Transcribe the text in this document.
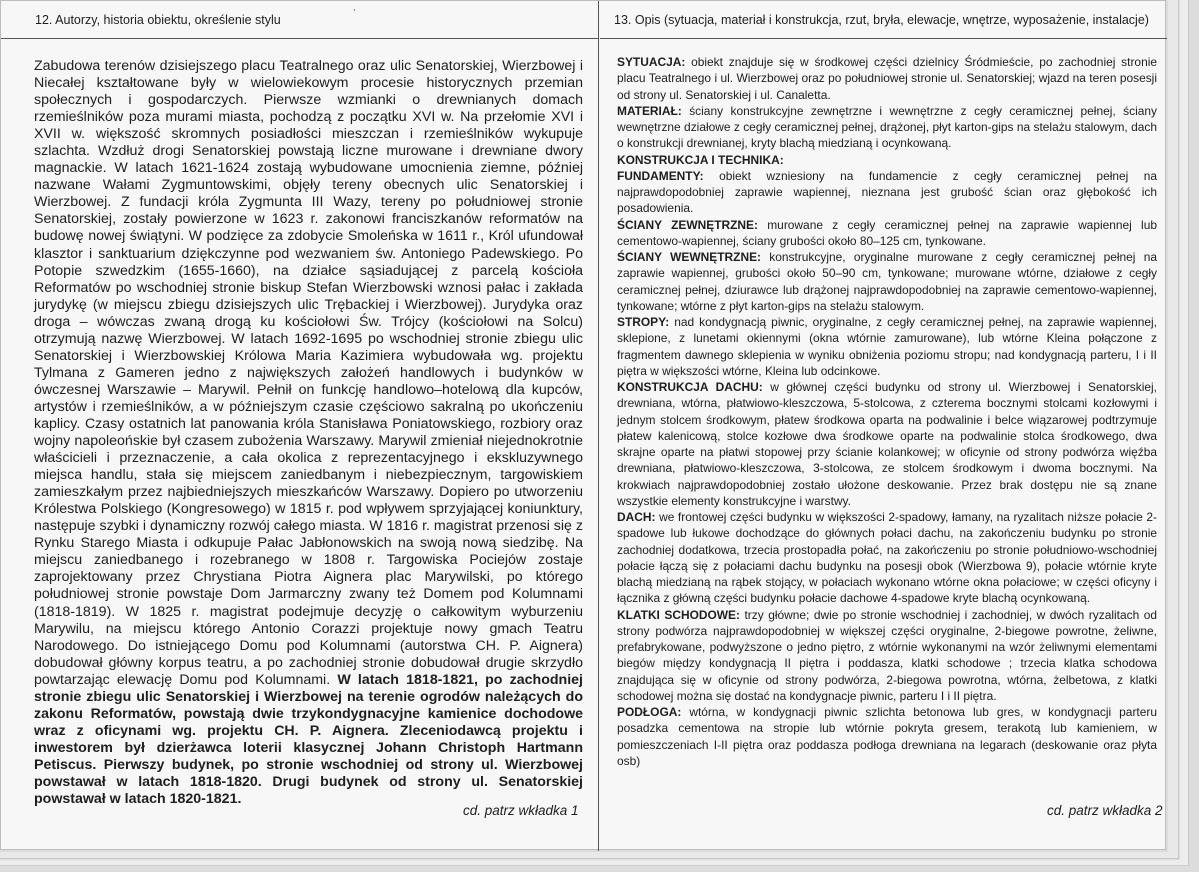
12. Autorzy, historia obiektu, określenie stylu	˙

Zabudowa terenów dzisiejszego placu Teatralnego oraz ulic Senatorskiej, Wierzbowej i Niecałej kształtowane były w wielowiekowym procesie historycznych przemian społecznych i gospodarczych. Pierwsze wzmianki o drewnianych domach rzemieślników poza murami miasta, pochodzą z początku XVI w. Na przełomie XVI i XVII w. większość skromnych posiadłości mieszczan i rzemieślników wykupuje szlachta. Wzdłuż drogi Senatorskiej powstają liczne murowane i drewniane dwory magnackie. W latach 1621-1624 zostają wybudowane umocnienia ziemne, później nazwane Wałami Zygmuntowskimi, objęły tereny obecnych ulic Senatorskiej i Wierzbowej. Z fundacji króla Zygmunta III Wazy, tereny po południowej stronie Senatorskiej, zostały powierzone w 1623 r. zakonowi franciszkanów reformatów na budowę nowej świątyni. W podzięce za zdobycie Smoleńska w 1611 r., Król ufundował klasztor i sanktuarium dziękczynne pod wezwaniem św. Antoniego Padewskiego. Po Potopie szwedzkim (1655-1660), na działce sąsiadującej z parcelą kościoła Reformatów po wschodniej stronie biskup Stefan Wierzbowski wznosi pałac i zakłada jurydykę (w miejscu zbiegu dzisiejszych ulic Trębackiej i Wierzbowej). Jurydyka oraz droga – wówczas zwaną drogą ku kościołowi Św. Trójcy (kościołowi na Solcu) otrzymują nazwę Wierzbowej. W latach 1692-1695 po wschodniej stronie zbiegu ulic Senatorskiej i Wierzbowskiej Królowa Maria Kazimiera wybudowała wg. projektu Tylmana z Gameren jedno z największych założeń handlowych i budynków w ówczesnej Warszawie – Marywil. Pełnił on funkcję handlowo–hotelową dla kupców, artystów i rzemieślników, a w późniejszym czasie częściowo sakralną po ukończeniu kaplicy. Czasy ostatnich lat panowania króla Stanisława Poniatowskiego, rozbiory oraz wojny napoleońskie był czasem zubożenia Warszawy. Marywil zmieniał niejednokrotnie właścicieli i przeznaczenie, a cała okolica z reprezentacyjnego i ekskluzywnego miejsca handlu, stała się miejscem zaniedbanym i niebezpiecznym, targowiskiem zamieszkałym przez najbiedniejszych mieszkańców Warszawy. Dopiero po utworzeniu Królestwa Polskiego (Kongresowego) w 1815 r. pod wpływem sprzyjającej koniunktury, następuje szybki i dynamiczny rozwój całego miasta. W 1816 r. magistrat przenosi się z Rynku Starego Miasta i odkupuje Pałac Jabłonowskich na swoją nową siedzibę. Na miejscu zaniedbanego i rozebranego w 1808 r. Targowiska Pociejów zostaje zaprojektowany przez Chrystiana Piotra Aignera plac Marywilski, po którego południowej stronie powstaje Dom Jarmarczny zwany też Domem pod Kolumnami (1818-1819). W 1825 r. magistrat podejmuje decyzję o całkowitym wyburzeniu Marywilu, na miejscu którego Antonio Corazzi projektuje nowy gmach Teatru Narodowego. Do istniejącego Domu pod Kolumnami (autorstwa CH. P. Aignera) dobudował główny korpus teatru, a po zachodniej stronie dobudował drugie skrzydło powtarzając elewację Domu pod Kolumnami. W latach 1818-1821, po zachodniej stronie zbiegu ulic Senatorskiej i Wierzbowej na terenie ogrodów należących do zakonu Reformatów, powstają dwie trzykondygnacyjne kamienice dochodowe wraz z oficynami wg. projektu CH. P. Aignera. Zleceniodawcą projektu i inwestorem był dzierżawca loterii klasycznej Johann Christoph Hartmann Petiscus. Pierwszy budynek, po stronie wschodniej od strony ul. Wierzbowej powstawał w latach 1818-1820. Drugi budynek od strony ul. Senatorskiej powstawał w latach 1820-1821.

cd. patrz wkładka 1
13. Opis (sytuacja, materiał i konstrukcja, rzut, bryła, elewacje, wnętrze, wyposażenie, instalacje)

SYTUACJA: obiekt znajduje się w środkowej części dzielnicy Śródmieście, po zachodniej stronie placu Teatralnego i ul. Wierzbowej oraz po południowej stronie ul. Senatorskiej; wjazd na teren posesji od strony ul. Senatorskiej i ul. Canaletta.

MATERIAŁ: ściany konstrukcyjne zewnętrzne i wewnętrzne z cegły ceramicznej pełnej, ściany wewnętrzne działowe z cegły ceramicznej pełnej, drążonej, płyt karton-gips na stelażu stalowym, dach o konstrukcji drewnianej, kryty blachą miedzianą i ocynkowaną.

KONSTRUKCJA I TECHNIKA:

FUNDAMENTY: obiekt wzniesiony na fundamencie z cegły ceramicznej pełnej na najprawdopodobniej zaprawie wapiennej, nieznana jest grubość ścian oraz głębokość ich posadowienia.

ŚCIANY ZEWNĘTRZNE: murowane z cegły ceramicznej pełnej na zaprawie wapiennej lub cementowo-wapiennej, ściany grubości około 80–125 cm, tynkowane.

ŚCIANY WEWNĘTRZNE: konstrukcyjne, oryginalne murowane z cegły ceramicznej pełnej na zaprawie wapiennej, grubości około 50–90 cm, tynkowane; murowane wtórne, działowe z cegły ceramicznej pełnej, dziurawce lub drążonej najprawdopodobniej na zaprawie cementowo-wapiennej, tynkowane; wtórne z płyt karton-gips na stelażu stalowym.

STROPY: nad kondygnacją piwnic, oryginalne, z cegły ceramicznej pełnej, na zaprawie wapiennej, sklepione, z lunetami okiennymi (okna wtórnie zamurowane), lub wtórne Kleina połączone z fragmentem dawnego sklepienia w wyniku obniżenia poziomu stropu; nad kondygnacją parteru, I i II piętra w większości wtórne, Kleina lub odcinkowe.

KONSTRUKCJA DACHU: w głównej części budynku od strony ul. Wierzbowej i Senatorskiej, drewniana, wtórna, płatwiowo-kleszczowa, 5-stolcowa, z czterema bocznymi stolcami kozłowymi i jednym stolcem środkowym, płatew środkowa oparta na podwalinie i belce wiązarowej podtrzymuje płatew kalenicową, stolce kozłowe dwa środkowe oparte na podwalinie stolca środkowego, dwa skrajne oparte na płatwi stopowej przy ścianie kolankowej; w oficynie od strony podwórza więźba drewniana, płatwiowo-kleszczowa, 3-stolcowa, ze stolcem środkowym i dwoma bocznymi. Na krokwiach najprawdopodobniej zostało ułożone deskowanie. Przez brak dostępu nie są znane wszystkie elementy konstrukcyjne i warstwy.

DACH: we frontowej części budynku w większości 2-spadowy, łamany, na ryzalitach niższe połacie 2-spadowe lub łukowe dochodzące do głównych połaci dachu, na zakończeniu budynku po stronie zachodniej dodatkowa, trzecia prostopadła połać, na zakończeniu po stronie południowo-wschodniej połacie łączą się z połaciami dachu budynku na posesji obok (Wierzbowa 9), połacie wtórnie kryte blachą miedzianą na rąbek stojący, w połaciach wykonano wtórne okna połaciowe; w części oficyny i łącznika z główną części budynku połacie dachowe 4-spadowe kryte blachą ocynkowaną.

KLATKI SCHODOWE: trzy główne; dwie po stronie wschodniej i zachodniej, w dwóch ryzalitach od strony podwórza najprawdopodobniej w większej części oryginalne, 2-biegowe powrotne, żeliwne, prefabrykowane, podwyższone o jedno piętro, z wtórnie wykonanymi na wzór żeliwnymi elementami biegów między kondygnacją II piętra i poddasza, klatki schodowe ; trzecia klatka schodowa znajdująca się w oficynie od strony podwórza, 2-biegowa powrotna, wtórna, żelbetowa, z klatki schodowej można się dostać na kondygnacje piwnic, parteru I i II piętra.

PODŁOGA: wtórna, w kondygnacji piwnic szlichta betonowa lub gres, w kondygnacji parteru posadzka cementowa na stropie lub wtórnie pokryta gresem, terakotą lub kamieniem, w pomieszczeniach I-II piętra oraz poddasza podłoga drewniana na legarach (deskowanie oraz płyta osb)

cd. patrz wkładka 2
